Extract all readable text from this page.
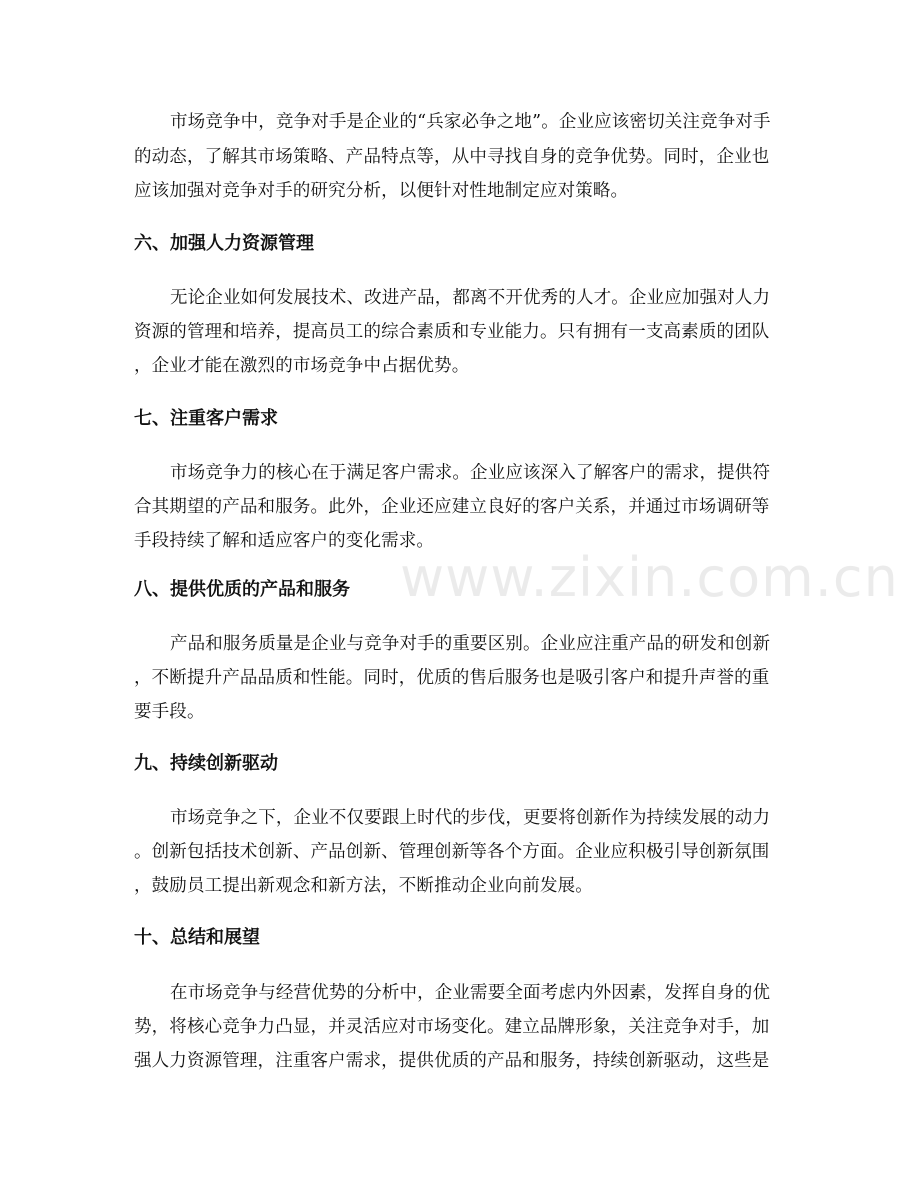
www.zixin.com.cn
市场竞争中，竞争对手是企业的“兵家必争之地”。企业应该密切关注竞争对手
的动态，了解其市场策略、产品特点等，从中寻找自身的竞争优势。同时，企业也
应该加强对竞争对手的研究分析，以便针对性地制定应对策略。
六、加强人力资源管理
无论企业如何发展技术、改进产品，都离不开优秀的人才。企业应加强对人力
资源的管理和培养，提高员工的综合素质和专业能力。只有拥有一支高素质的团队
，企业才能在激烈的市场竞争中占据优势。
七、注重客户需求
市场竞争力的核心在于满足客户需求。企业应该深入了解客户的需求，提供符
合其期望的产品和服务。此外，企业还应建立良好的客户关系，并通过市场调研等
手段持续了解和适应客户的变化需求。
八、提供优质的产品和服务
产品和服务质量是企业与竞争对手的重要区别。企业应注重产品的研发和创新
，不断提升产品品质和性能。同时，优质的售后服务也是吸引客户和提升声誉的重
要手段。
九、持续创新驱动
市场竞争之下，企业不仅要跟上时代的步伐，更要将创新作为持续发展的动力
。创新包括技术创新、产品创新、管理创新等各个方面。企业应积极引导创新氛围
，鼓励员工提出新观念和新方法，不断推动企业向前发展。
十、总结和展望
在市场竞争与经营优势的分析中，企业需要全面考虑内外因素，发挥自身的优
势，将核心竞争力凸显，并灵活应对市场变化。建立品牌形象，关注竞争对手，加
强人力资源管理，注重客户需求，提供优质的产品和服务，持续创新驱动，这些是
